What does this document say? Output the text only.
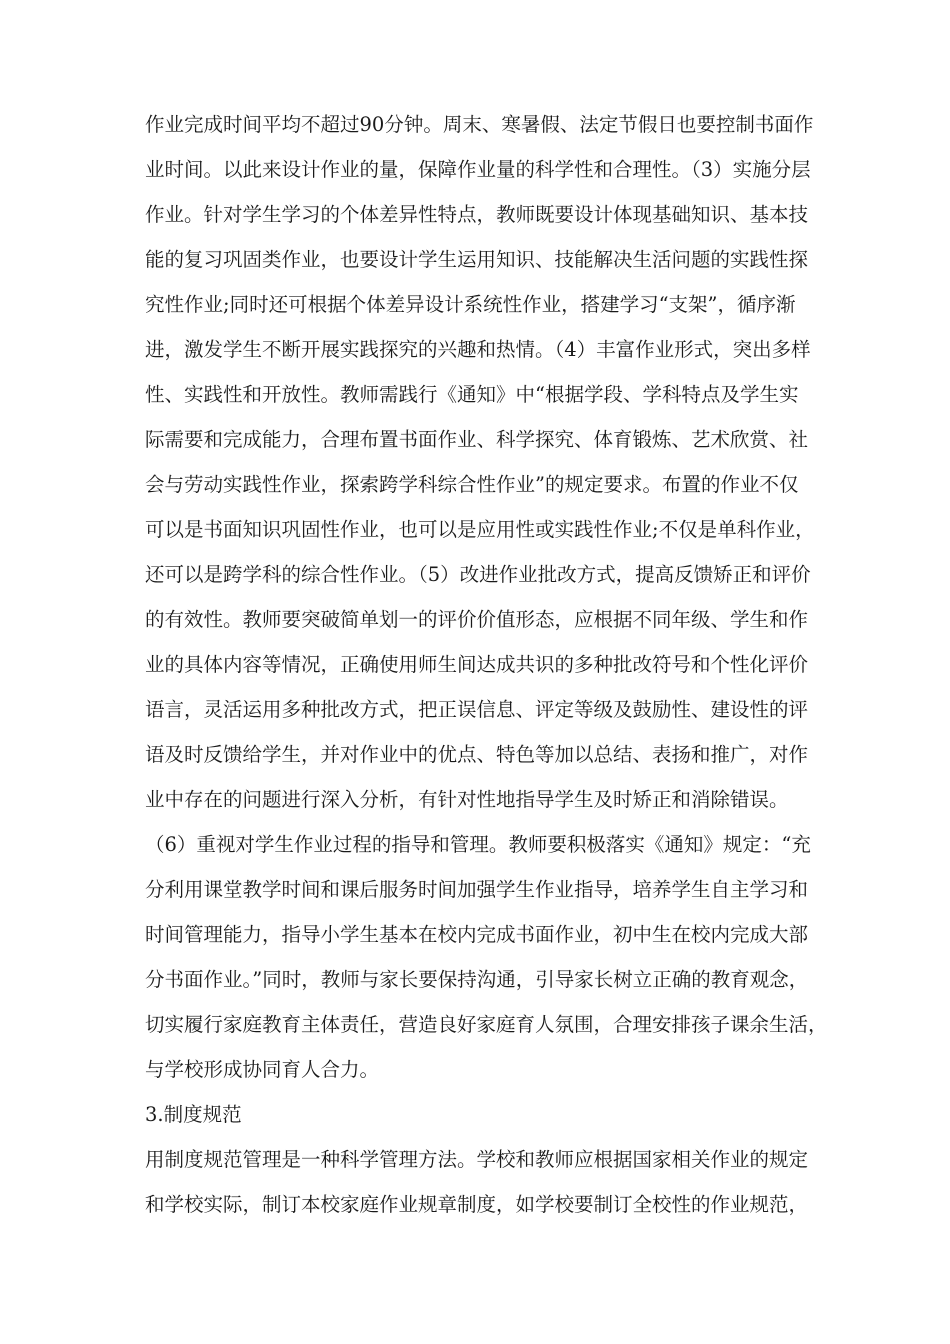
作业完成时间平均不超过90分钟。周末、寒暑假、法定节假日也要控制书面作
业时间。以此来设计作业的量，保障作业量的科学性和合理性。（3）实施分层
作业。针对学生学习的个体差异性特点，教师既要设计体现基础知识、基本技
能的复习巩固类作业，也要设计学生运用知识、技能解决生活问题的实践性探
究性作业;同时还可根据个体差异设计系统性作业，搭建学习“支架”，循序渐
进，激发学生不断开展实践探究的兴趣和热情。（4）丰富作业形式，突出多样
性、实践性和开放性。教师需践行《通知》中“根据学段、学科特点及学生实
际需要和完成能力，合理布置书面作业、科学探究、体育锻炼、艺术欣赏、社
会与劳动实践性作业，探索跨学科综合性作业”的规定要求。布置的作业不仅
可以是书面知识巩固性作业，也可以是应用性或实践性作业;不仅是单科作业，
还可以是跨学科的综合性作业。（5）改进作业批改方式，提高反馈矫正和评价
的有效性。教师要突破简单划一的评价价值形态，应根据不同年级、学生和作
业的具体内容等情况，正确使用师生间达成共识的多种批改符号和个性化评价
语言，灵活运用多种批改方式，把正误信息、评定等级及鼓励性、建设性的评
语及时反馈给学生，并对作业中的优点、特色等加以总结、表扬和推广，对作
业中存在的问题进行深入分析，有针对性地指导学生及时矫正和消除错误。
（6）重视对学生作业过程的指导和管理。教师要积极落实《通知》规定：“充
分利用课堂教学时间和课后服务时间加强学生作业指导，培养学生自主学习和
时间管理能力，指导小学生基本在校内完成书面作业，初中生在校内完成大部
分书面作业。”同时，教师与家长要保持沟通，引导家长树立正确的教育观念，
切实履行家庭教育主体责任，营造良好家庭育人氛围，合理安排孩子课余生活，
与学校形成协同育人合力。
3.制度规范
用制度规范管理是一种科学管理方法。学校和教师应根据国家相关作业的规定
和学校实际，制订本校家庭作业规章制度，如学校要制订全校性的作业规范，
